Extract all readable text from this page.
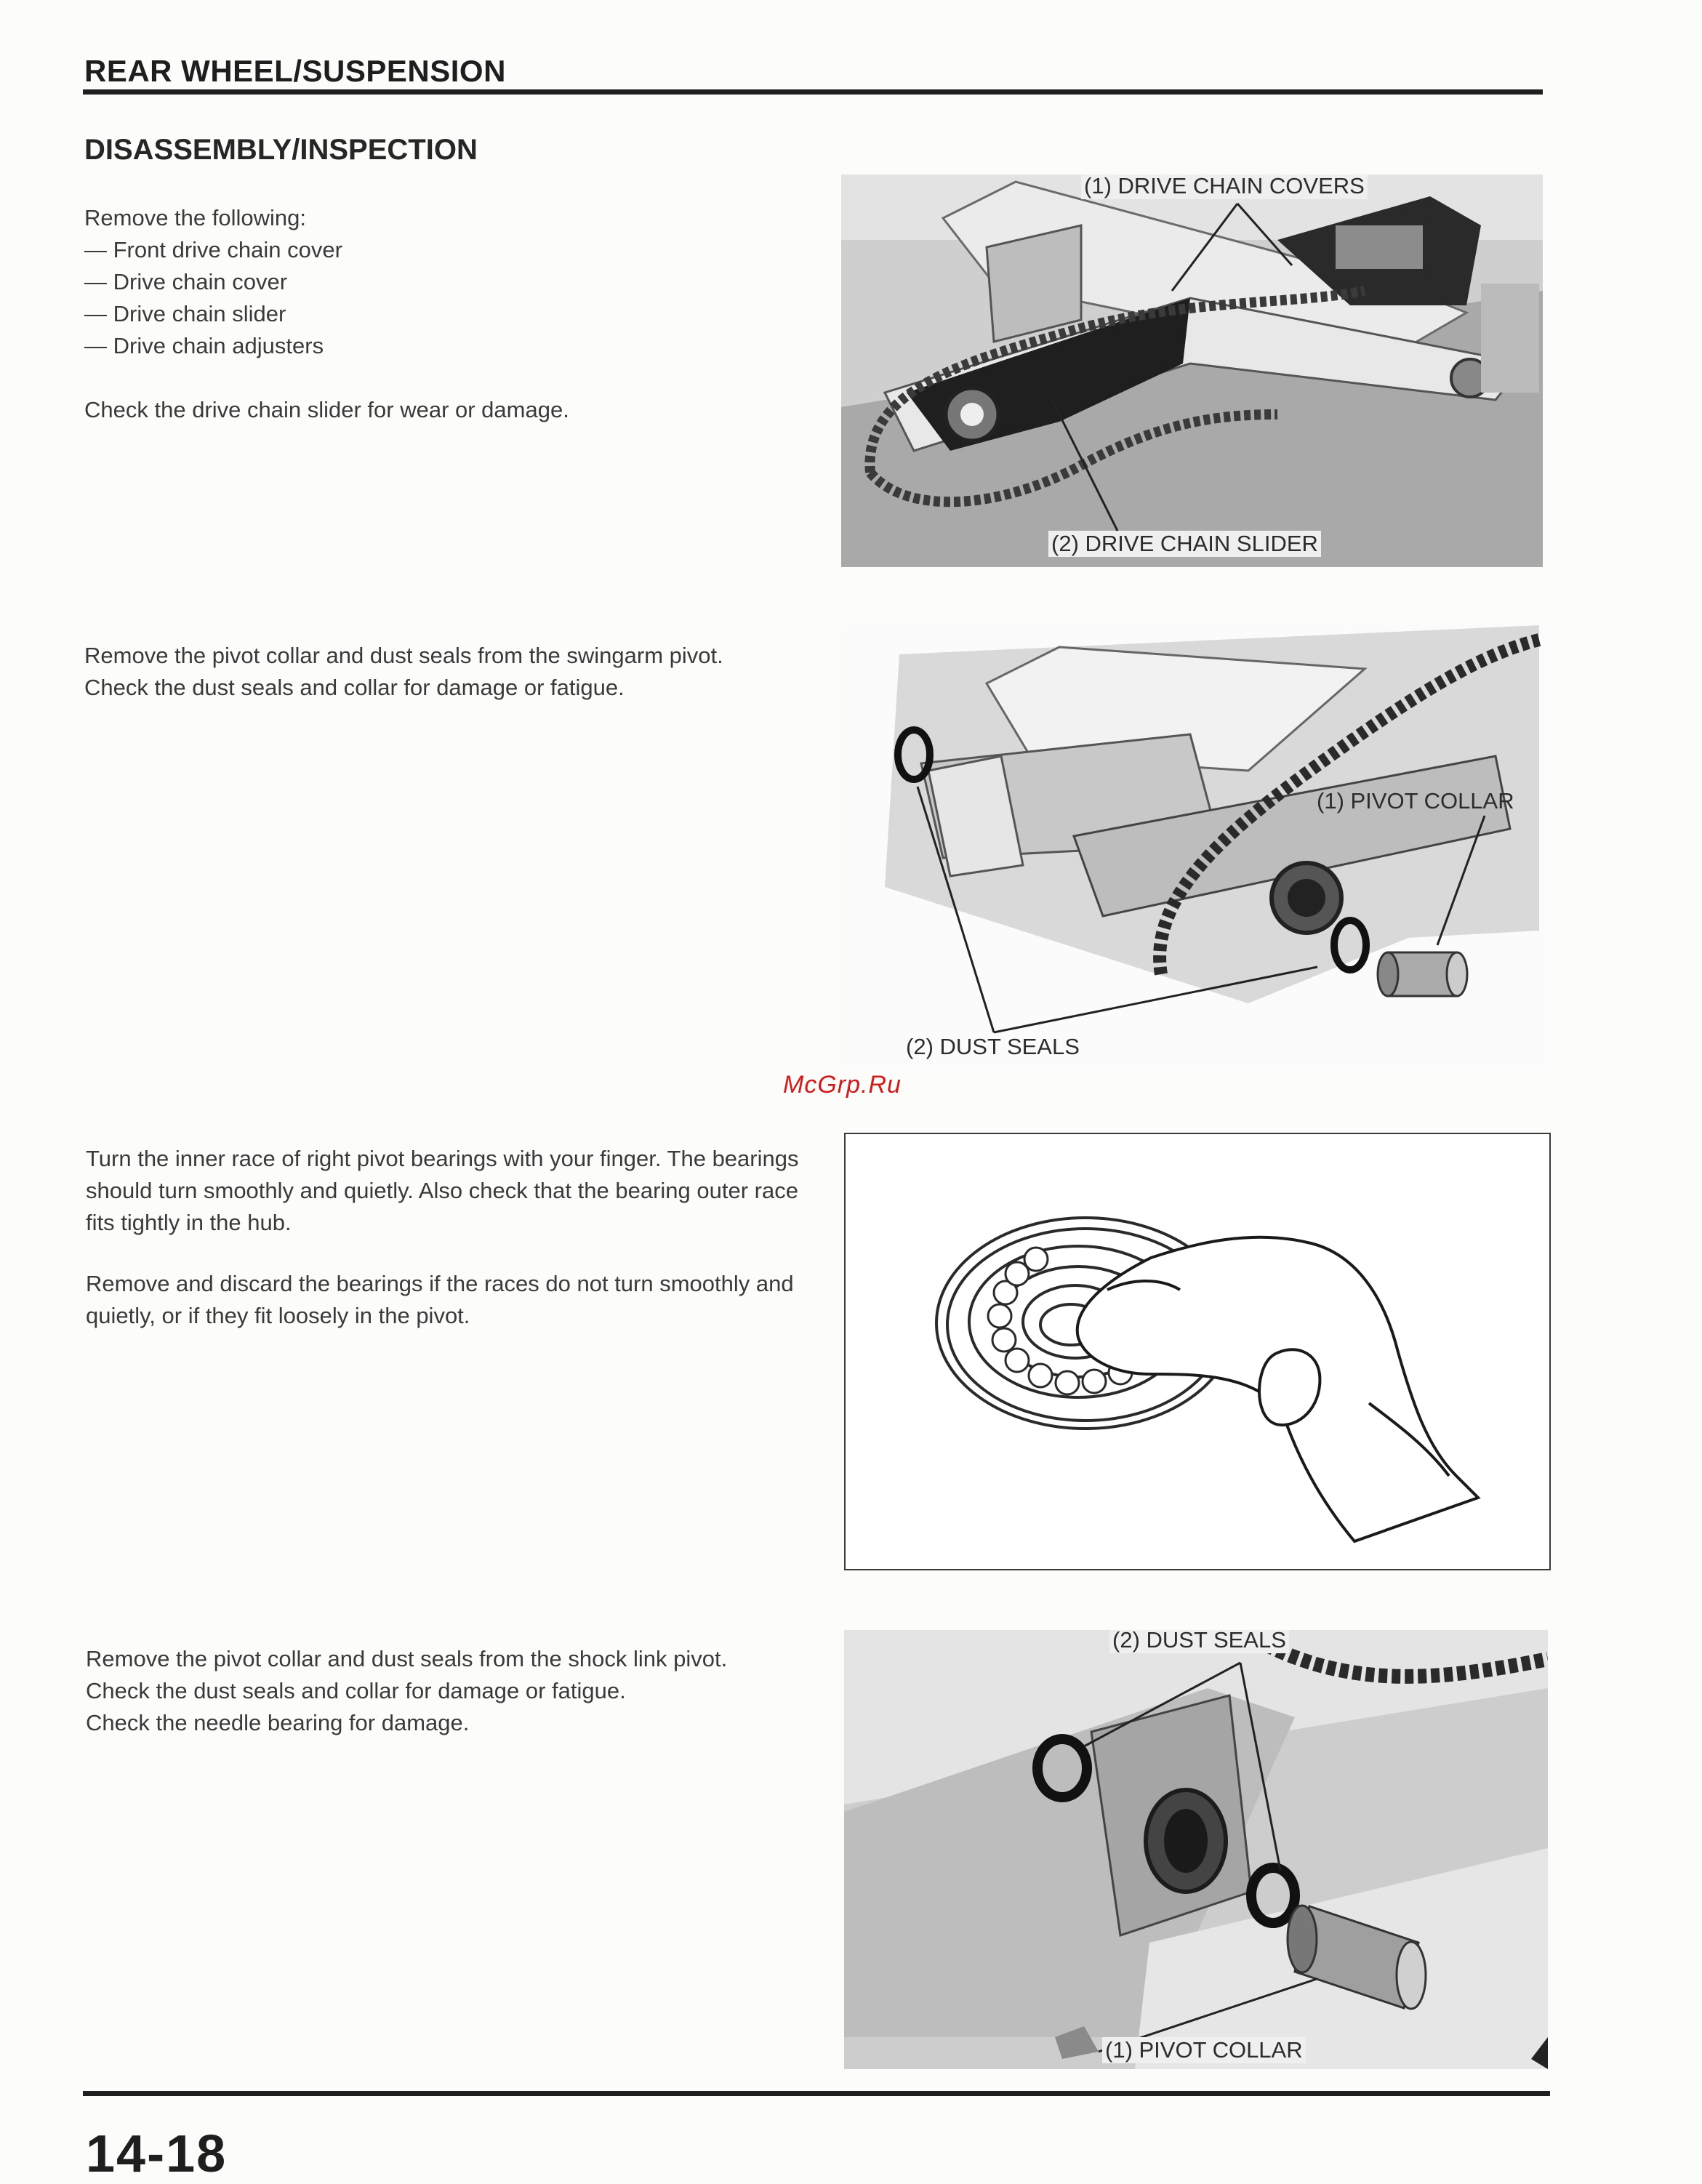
REAR WHEEL/SUSPENSION
DISASSEMBLY/INSPECTION

Remove the following:

— Front drive chain cover
— Drive chain cover
— Drive chain slider
— Drive chain adjusters

Check the drive chain slider for wear or damage.

(1) DRIVE CHAIN COVERS
(2) DRIVE CHAIN SLIDER

Remove the pivot collar and dust seals from the swingarm pivot.

Check the dust seals and collar for damage or fatigue.

(1) PIVOT COLLAR
(2) DUST SEALS
McGrp.Ru

Turn the inner race of right pivot bearings with your finger. The bearings should turn smoothly and quietly. Also check that the bearing outer race fits tightly in the hub.

Remove and discard the bearings if the races do not turn smoothly and quietly, or if they fit loosely in the pivot.

Remove the pivot collar and dust seals from the shock link pivot.

Check the dust seals and collar for damage or fatigue.

Check the needle bearing for damage.

(2) DUST SEALS
(1) PIVOT COLLAR
14-18
